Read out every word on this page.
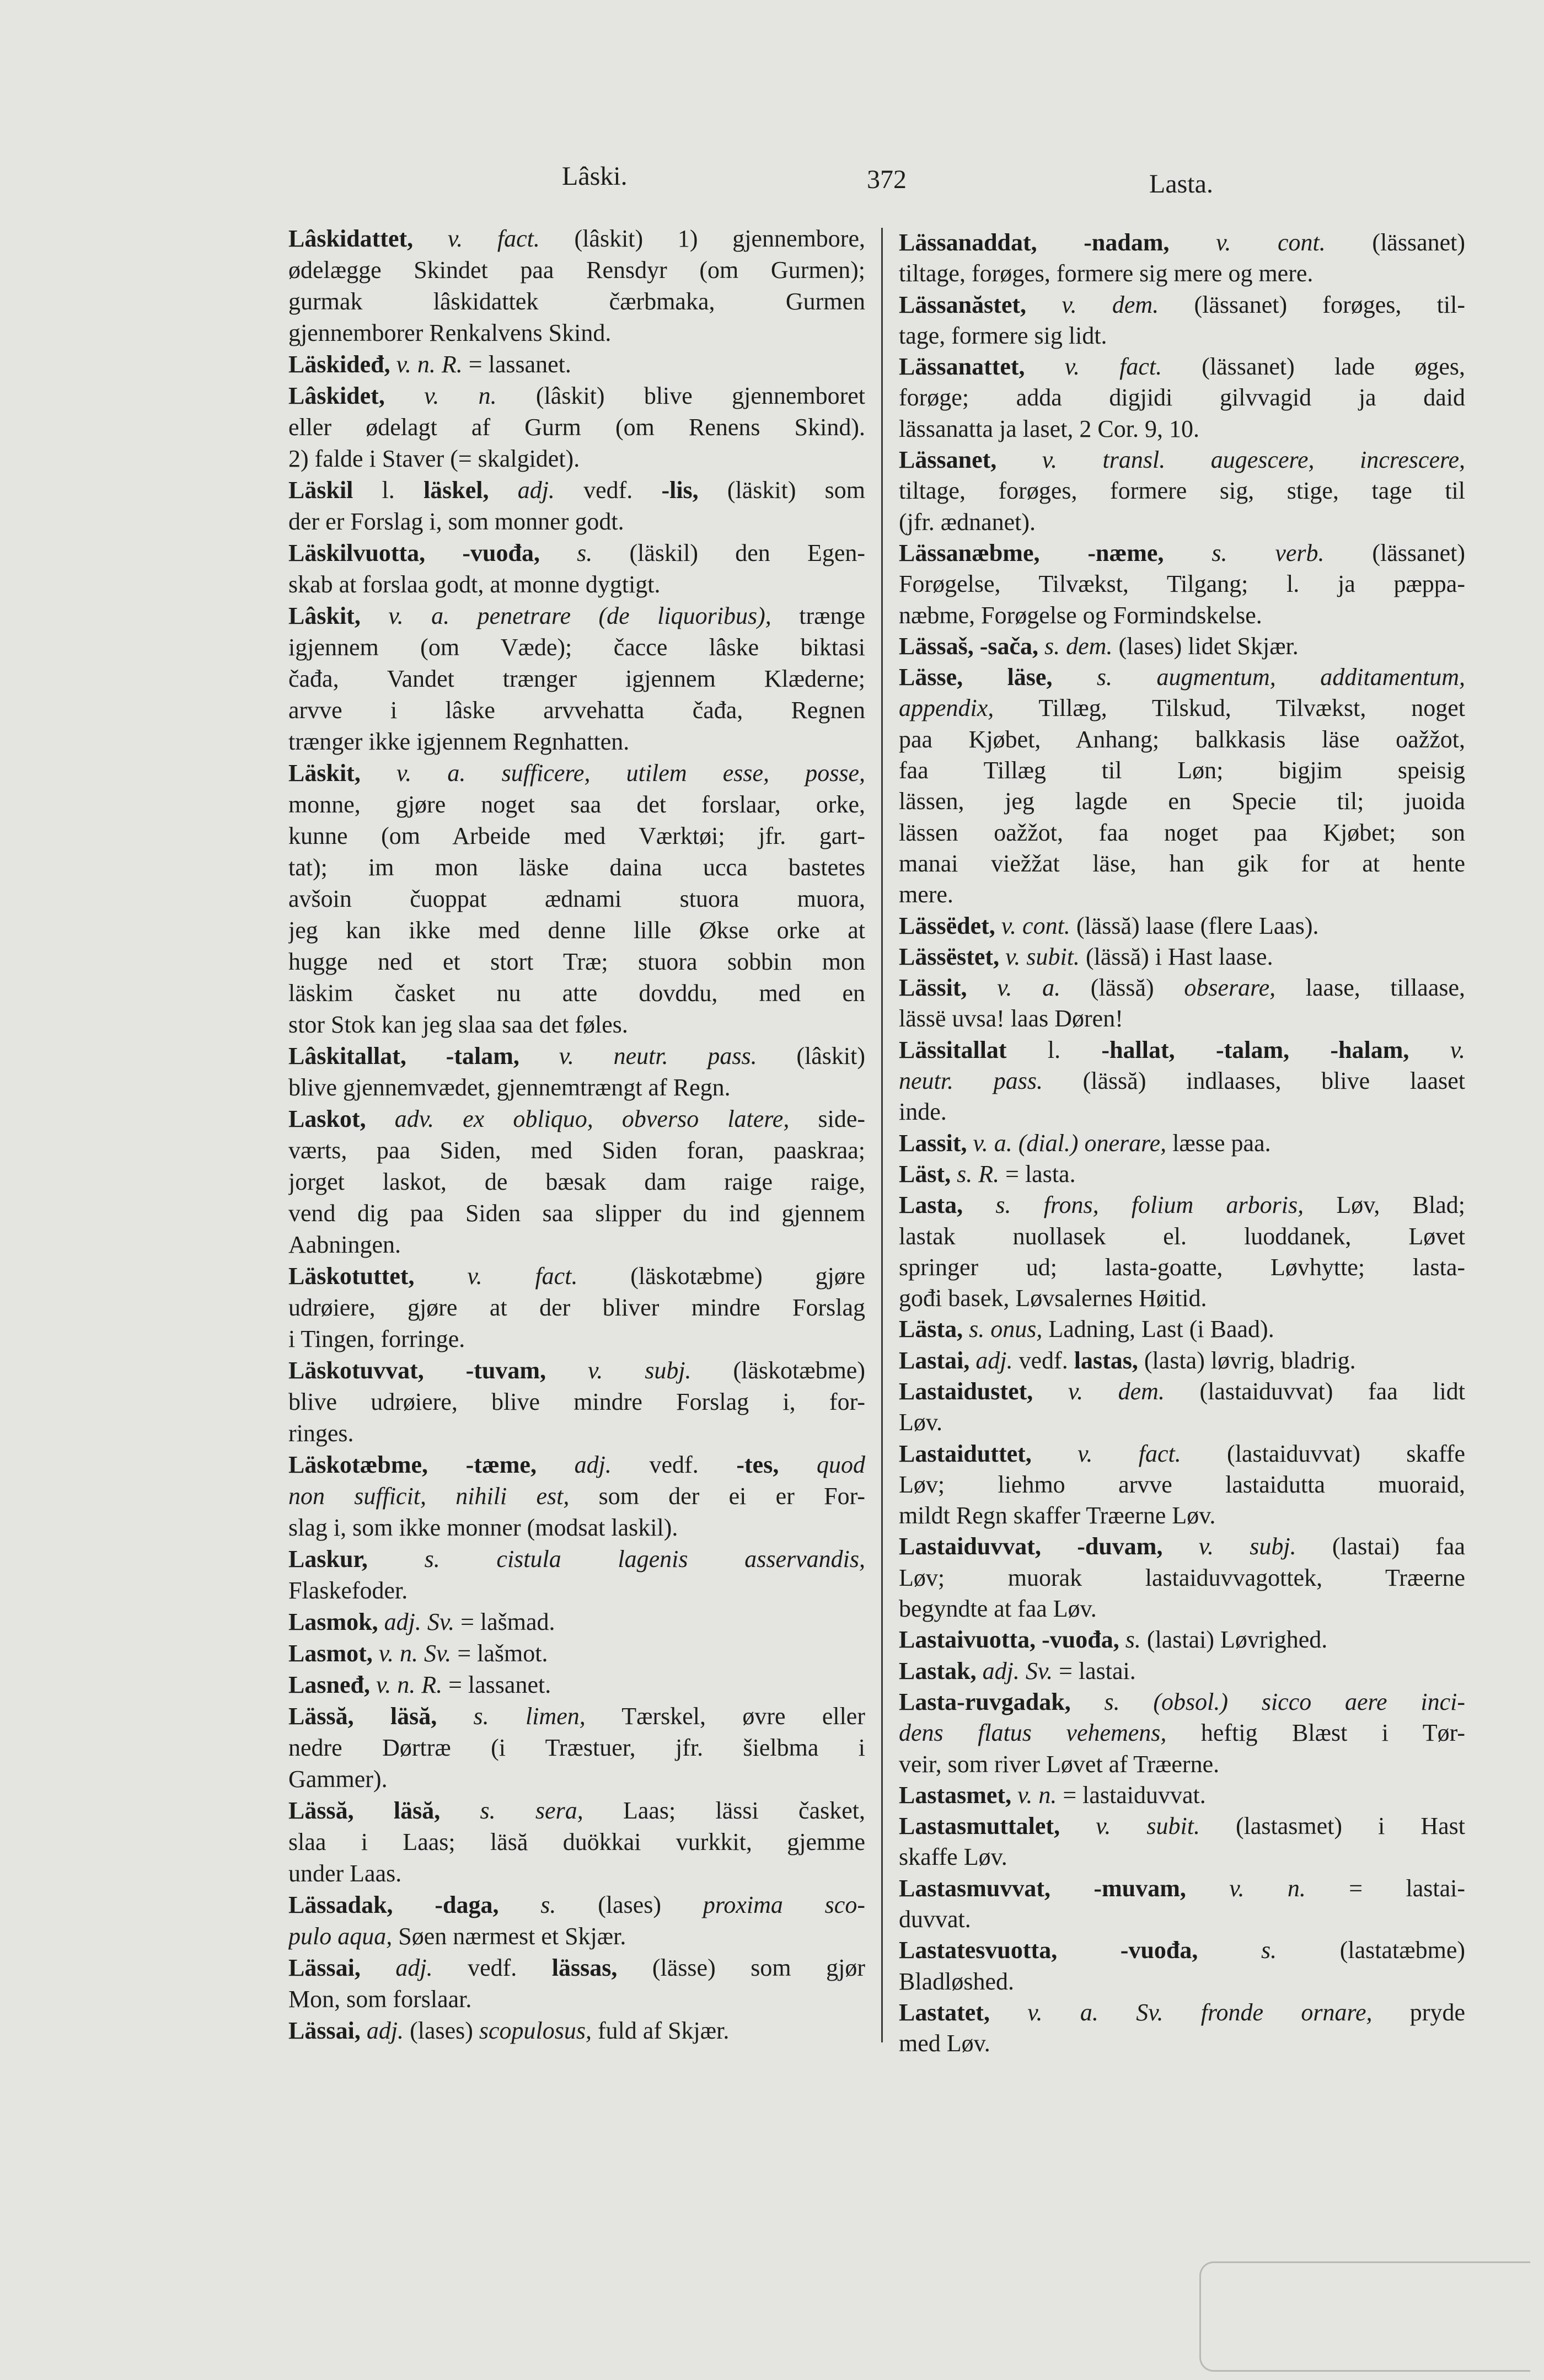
Lâski.	372	Lasta.
Lâskidattet, v. fact. (lâskit) 1) gjennembore,
ødelægge Skindet paa Rensdyr (om Gurmen);
gurmak lâskidattek čærbmaka, Gurmen
gjennemborer Renkalvens Skind.
Läskideđ, v. n. R. = lassanet.
Lâskidet, v. n. (lâskit) blive gjennemboret
eller ødelagt af Gurm (om Renens Skind).
2) falde i Staver (= skalgidet).
Läskil l. läskel, adj. vedf. -lis, (läskit) som
der er Forslag i, som monner godt.
Läskilvuotta, -vuođa, s. (läskil) den Egen-
skab at forslaa godt, at monne dygtigt.
Lâskit, v. a. penetrare (de liquoribus), trænge
igjennem (om Væde); čacce lâske biktasi
čađa, Vandet trænger igjennem Klæderne;
arvve i lâske arvvehatta čađa, Regnen
trænger ikke igjennem Regnhatten.
Läskit, v. a. sufficere, utilem esse, posse,
monne, gjøre noget saa det forslaar, orke,
kunne (om Arbeide med Værktøi; jfr. gart-
tat); im mon läske daina ucca bastetes
avšoin čuoppat ædnami stuora muora,
jeg kan ikke med denne lille Økse orke at
hugge ned et stort Træ; stuora sobbin mon
läskim časket nu atte dovddu, med en
stor Stok kan jeg slaa saa det føles.
Lâskitallat, -talam, v. neutr. pass. (lâskit)
blive gjennemvædet, gjennemtrængt af Regn.
Laskot, adv. ex obliquo, obverso latere, side-
værts, paa Siden, med Siden foran, paaskraa;
jorget laskot, de bæsak dam raige raige,
vend dig paa Siden saa slipper du ind gjennem
Aabningen.
Läskotuttet, v. fact. (läskotæbme) gjøre
udrøiere, gjøre at der bliver mindre Forslag
i Tingen, forringe.
Läskotuvvat, -tuvam, v. subj. (läskotæbme)
blive udrøiere, blive mindre Forslag i, for-
ringes.
Läskotæbme, -tæme, adj. vedf. -tes, quod
non sufficit, nihili est, som der ei er For-
slag i, som ikke monner (modsat laskil).
Laskur, s. cistula lagenis asservandis,
Flaskefoder.
Lasmok, adj. Sv. = lašmad.
Lasmot, v. n. Sv. = lašmot.
Lasneđ, v. n. R. = lassanet.
Lässă, läsă, s. limen, Tærskel, øvre eller
nedre Dørtræ (i Træstuer, jfr. šielbma i
Gammer).
Lässă, läsă, s. sera, Laas; lässi časket,
slaa i Laas; läsă duökkai vurkkit, gjemme
under Laas.
Lässadak, -daga, s. (lases) proxima sco-
pulo aqua, Søen nærmest et Skjær.
Lässai, adj. vedf. lässas, (lässe) som gjør
Mon, som forslaar.
Lässai, adj. (lases) scopulosus, fuld af Skjær.
Lässanaddat, -nadam, v. cont. (lässanet)
tiltage, forøges, formere sig mere og mere.
Lässanăstet, v. dem. (lässanet) forøges, til-
tage, formere sig lidt.
Lässanattet, v. fact. (lässanet) lade øges,
forøge; adda digjidi gilvvagid ja daid
lässanatta ja laset, 2 Cor. 9, 10.
Lässanet, v. transl. augescere, increscere,
tiltage, forøges, formere sig, stige, tage til
(jfr. ædnanet).
Lässanæbme, -næme, s. verb. (lässanet)
Forøgelse, Tilvækst, Tilgang; l. ja pæppa-
næbme, Forøgelse og Formindskelse.
Lässaš, -sača, s. dem. (lases) lidet Skjær.
Lässe, läse, s. augmentum, additamentum,
appendix, Tillæg, Tilskud, Tilvækst, noget
paa Kjøbet, Anhang; balkkasis läse oažžot,
faa Tillæg til Løn; bigjim speisig
lässen, jeg lagde en Specie til; juoida
lässen oažžot, faa noget paa Kjøbet; son
manai viežžat läse, han gik for at hente
mere.
Lässëdet, v. cont. (lässă) laase (flere Laas).
Lässëstet, v. subit. (lässă) i Hast laase.
Lässit, v. a. (lässă) obserare, laase, tillaase,
lässë uvsa! laas Døren!
Lässitallat l. -hallat, -talam, -halam, v.
neutr. pass. (lässă) indlaases, blive laaset
inde.
Lassit, v. a. (dial.) onerare, læsse paa.
Läst, s. R. = lasta.
Lasta, s. frons, folium arboris, Løv, Blad;
lastak nuollasek el. luoddanek, Løvet
springer ud; lasta-goatte, Løvhytte; lasta-
gođi basek, Løvsalernes Høitid.
Lästa, s. onus, Ladning, Last (i Baad).
Lastai, adj. vedf. lastas, (lasta) løvrig, bladrig.
Lastaidustet, v. dem. (lastaiduvvat) faa lidt
Løv.
Lastaiduttet, v. fact. (lastaiduvvat) skaffe
Løv; liehmo arvve lastaidutta muoraid,
mildt Regn skaffer Træerne Løv.
Lastaiduvvat, -duvam, v. subj. (lastai) faa
Løv; muorak lastaiduvvagottek, Træerne
begyndte at faa Løv.
Lastaivuotta, -vuođa, s. (lastai) Løvrighed.
Lastak, adj. Sv. = lastai.
Lasta-ruvgadak, s. (obsol.) sicco aere inci-
dens flatus vehemens, heftig Blæst i Tør-
veir, som river Løvet af Træerne.
Lastasmet, v. n. = lastaiduvvat.
Lastasmuttalet, v. subit. (lastasmet) i Hast
skaffe Løv.
Lastasmuvvat, -muvam, v. n. = lastai-
duvvat.
Lastatesvuotta, -vuođa, s. (lastatæbme)
Bladløshed.
Lastatet, v. a. Sv. fronde ornare, pryde
med Løv.
